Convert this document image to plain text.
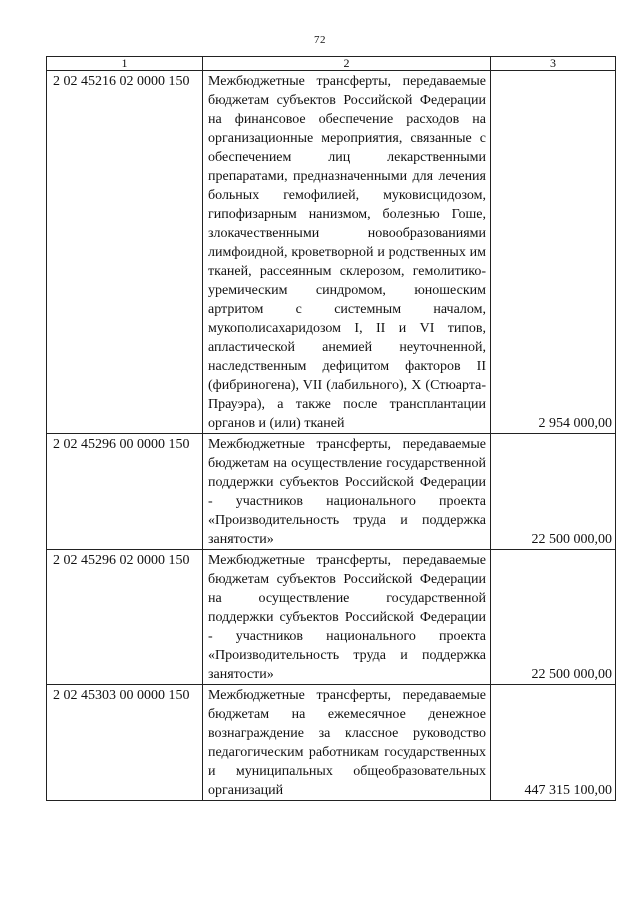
72
1	2	3
2 02 45216 02 0000 150	Межбюджетные трансферты, передаваемые бюджетам субъектов Российской Федерации на финансовое обеспечение расходов на организационные мероприятия, связанные с обеспечением лиц лекарственными препаратами, предназначенными для лечения больных гемофилией, муковисцидозом, гипофизарным нанизмом, болезнью Гоше, злокачественными новообразованиями лимфоидной, кроветворной и родственных им тканей, рассеянным склерозом, гемолитико-уремическим синдромом, юношеским артритом с системным началом, мукополисахаридозом I, II и VI типов, апластической анемией неуточненной, наследственным дефицитом факторов II (фибриногена), VII (лабильного), X (Стюарта-Прауэра), а также после трансплантации органов и (или) тканей	2 954 000,00
2 02 45296 00 0000 150	Межбюджетные трансферты, передаваемые бюджетам на осуществление государственной поддержки субъектов Российской Федерации - участников национального проекта «Производительность труда и поддержка занятости»	22 500 000,00
2 02 45296 02 0000 150	Межбюджетные трансферты, передаваемые бюджетам субъектов Российской Федерации на осуществление государственной поддержки субъектов Российской Федерации - участников национального проекта «Производительность труда и поддержка занятости»	22 500 000,00
2 02 45303 00 0000 150	Межбюджетные трансферты, передаваемые бюджетам на ежемесячное денежное вознаграждение за классное руководство педагогическим работникам государственных и муниципальных общеобразовательных организаций	447 315 100,00
